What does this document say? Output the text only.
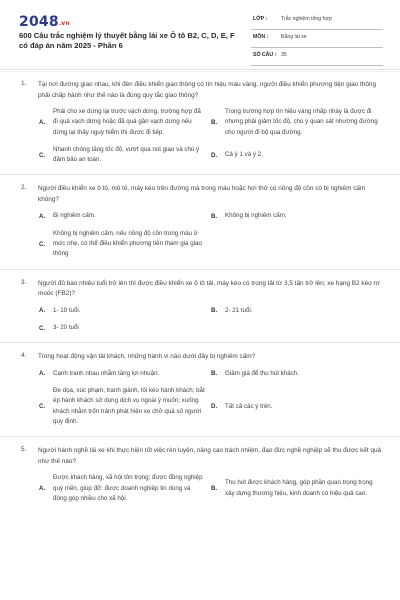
2048.vn
600 Câu trắc nghiệm lý thuyết bằng lái xe Ô tô B2, C, D, E, F có đáp án năm 2025 - Phần 6
LỚP :	Trắc nghiệm tổng hợp
MÔN : Bằng lái xe
SỐ CÂU : 35
1. Tại nơi đường giao nhau, khi đèn điều khiển giao thông có tín hiệu màu vàng, người điều khiển phương tiện giao thông phải chấp hành như thế nào là đúng quy tắc giao thông?
A.
Phải cho xe dừng lại trước vạch dừng, trường hợp đã đi quá vạch dừng hoặc đã quá gần vạch dừng nếu dừng lại thấy nguy hiểm thì được đi tiếp.
B.
Trong trường hợp tín hiệu vàng nhấp nháy là được đi nhưng phải giảm tốc độ, chú ý quan sát nhường đường cho người đi bộ qua đường.
C.
Nhanh chóng tăng tốc độ, vượt qua nút giao và chú ý đảm bảo an toàn.
D.	Cả ý 1 và ý 2.
2. Người điều khiển xe ô tô, mô tô, máy kéo trên đường mà trong máu hoặc hơi thở có nồng độ cồn có bị nghiêm cấm không?
A.	Bị nghiêm cấm.	B.	Không bị nghiêm cấm.
C.
Không bị nghiêm cấm, nếu nồng độ cồn trong máu ở mức nhẹ, có thể điều khiển phương tiện tham gia giao thông
3. Người đủ bao nhiêu tuổi trở lên thì được điều khiển xe ô tô tải, máy kéo có trọng tải từ 3,5 tấn trở lên; xe hạng B2 kéo rơ moóc (FB2)?
A.	1- 19 tuổi.	B.	2- 21 tuổi.
C.	3- 20 tuổi
4. Trong hoạt động vận tải khách, những hành vi nào dưới đây bị nghiêm cấm?
A.	Cạnh tranh nhau nhằm tăng lợi nhuận.	B.	Giảm giá để thu hút khách.
C.
Đe dọa, xúc phạm, tranh giành, lôi kéo hành khách; bắt ép hành khách sử dụng dịch vụ ngoài ý muốn; xuống khách nhằm trốn tránh phát hiện xe chở quá số người quy định.
D.	Tất cả các ý trên.
5. Người hành nghề lái xe khi thực hiện tốt việc rèn luyện, nâng cao trách nhiệm, đạo đức nghề nghiệp sẽ thu được kết quả như thế nào?
A.
Được khách hàng, xã hội tôn trọng; được đồng nghiệp quý mến, giúp đỡ; được doanh nghiệp tin dùng và đóng góp nhiều cho xã hội.
B.
Thu hút được khách hàng, góp phần quan trọng trong xây dựng thương hiệu, kinh doanh có hiệu quả cao.
